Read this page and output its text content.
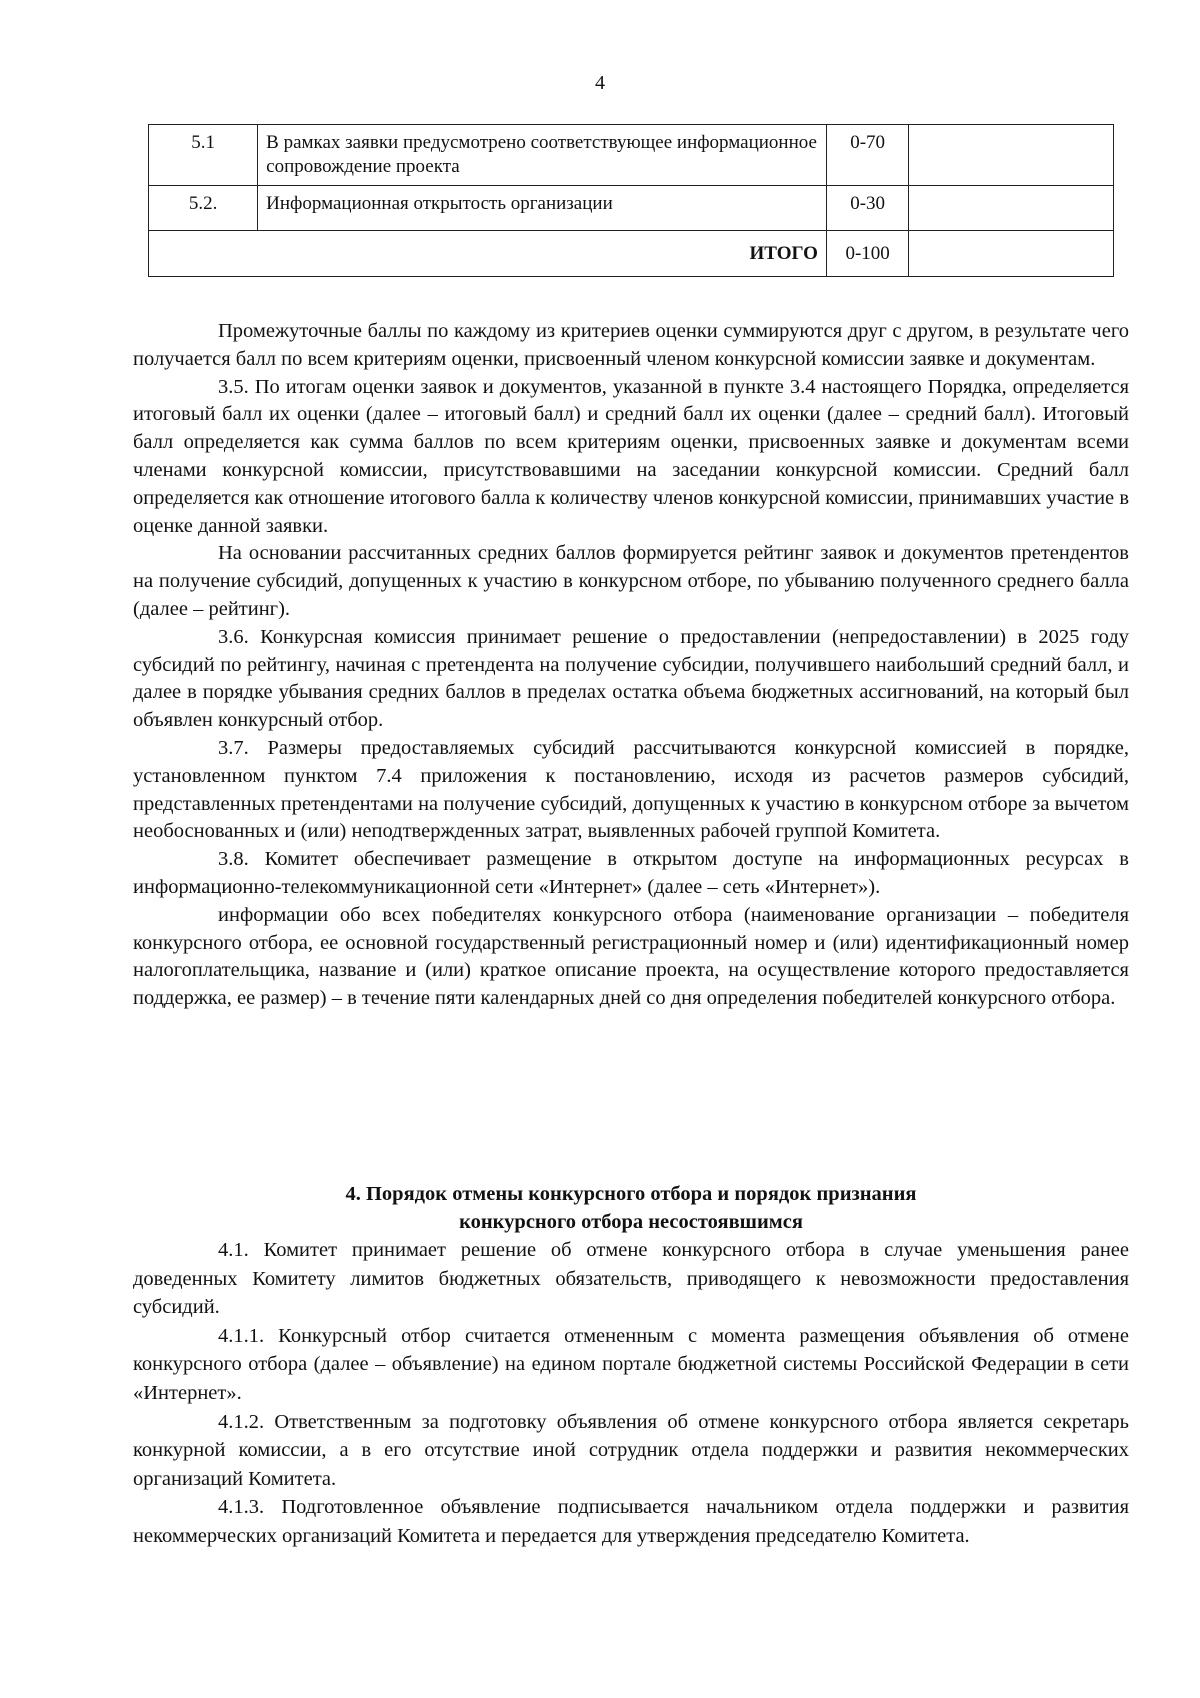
4
5.1	В рамках заявки предусмотрено соответствующее информационное сопровождение проекта	0-70	
5.2.	Информационная открытость организации	0-30	
ИТОГО		0-100	

Промежуточные баллы по каждому из критериев оценки суммируются друг с другом, в результате чего получается балл по всем критериям оценки, присвоенный членом конкурсной комиссии заявке и документам.

3.5. По итогам оценки заявок и документов, указанной в пункте 3.4 настоящего Порядка, определяется итоговый балл их оценки (далее – итоговый балл) и средний балл их оценки (далее – средний балл). Итоговый балл определяется как сумма баллов по всем критериям оценки, присвоенных заявке и документам всеми членами конкурсной комиссии, присутствовавшими на заседании конкурсной комиссии. Средний балл определяется как отношение итогового балла к количеству членов конкурсной комиссии, принимавших участие в оценке данной заявки.

На основании рассчитанных средних баллов формируется рейтинг заявок и документов претендентов на получение субсидий, допущенных к участию в конкурсном отборе, по убыванию полученного среднего балла (далее – рейтинг).

3.6. Конкурсная комиссия принимает решение о предоставлении (непредоставлении) в 2025 году субсидий по рейтингу, начиная с претендента на получение субсидии, получившего наибольший средний балл, и далее в порядке убывания средних баллов в пределах остатка объема бюджетных ассигнований, на который был объявлен конкурсный отбор.

3.7. Размеры предоставляемых субсидий рассчитываются конкурсной комиссией в порядке, установленном пунктом 7.4 приложения к постановлению, исходя из расчетов размеров субсидий, представленных претендентами на получение субсидий, допущенных к участию в конкурсном отборе за вычетом необоснованных и (или) неподтвержденных затрат, выявленных рабочей группой Комитета.

3.8. Комитет обеспечивает размещение в открытом доступе на информационных ресурсах в информационно-телекоммуникационной сети «Интернет» (далее – сеть «Интернет»).

информации обо всех победителях конкурсного отбора (наименование организации – победителя конкурсного отбора, ее основной государственный регистрационный номер и (или) идентификационный номер налогоплательщика, название и (или) краткое описание проекта, на осуществление которого предоставляется поддержка, ее размер) – в течение пяти календарных дней со дня определения победителей конкурсного отбора.

4. Порядок отмены конкурсного отбора и порядок признания
конкурсного отбора несостоявшимся

4.1. Комитет принимает решение об отмене конкурсного отбора в случае уменьшения ранее доведенных Комитету лимитов бюджетных обязательств, приводящего к невозможности предоставления субсидий.

4.1.1. Конкурсный отбор считается отмененным с момента размещения объявления об отмене конкурсного отбора (далее – объявление) на едином портале бюджетной системы Российской Федерации в сети «Интернет».

4.1.2. Ответственным за подготовку объявления об отмене конкурсного отбора является секретарь конкурной комиссии, а в его отсутствие иной сотрудник отдела поддержки и развития некоммерческих организаций Комитета.

4.1.3. Подготовленное объявление подписывается начальником отдела поддержки и развития некоммерческих организаций Комитета и передается для утверждения председателю Комитета.
